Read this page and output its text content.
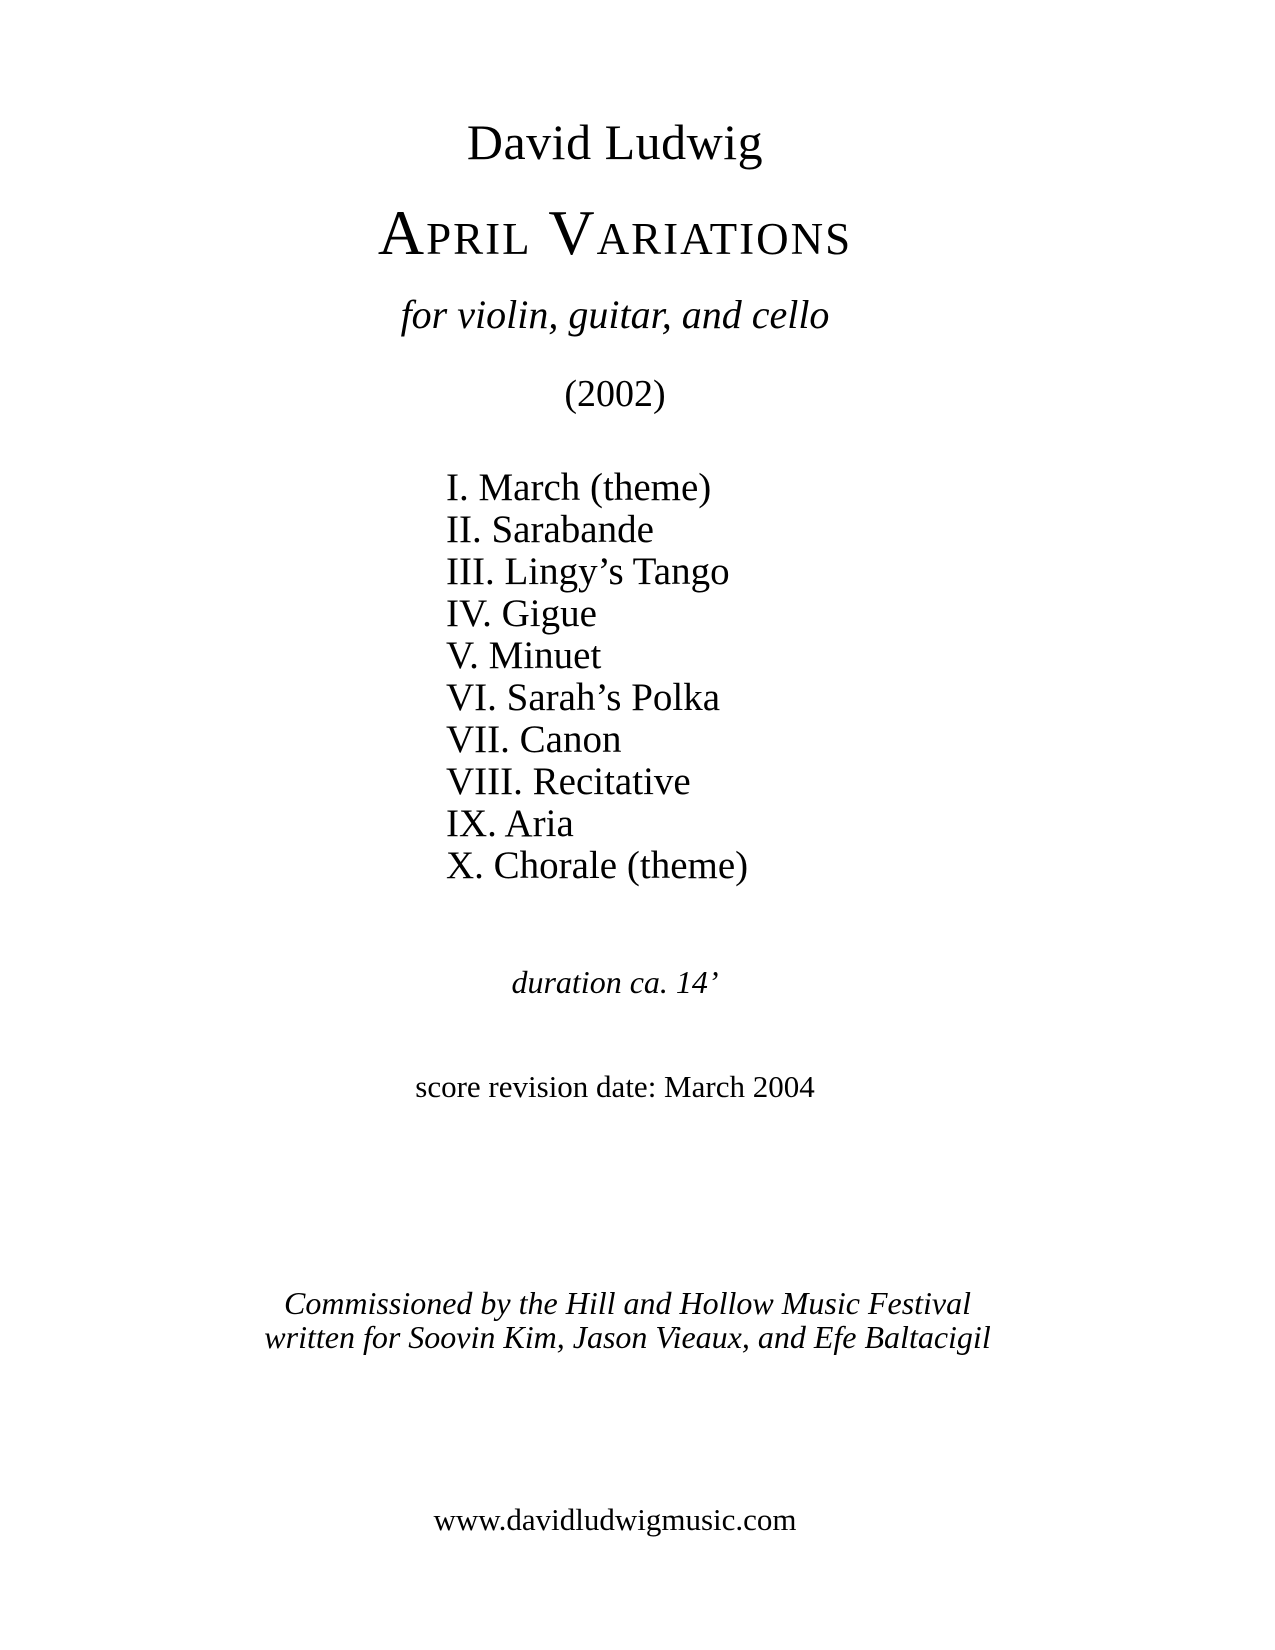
David Ludwig
April Variations
for violin, guitar, and cello
(2002)
I. March (theme)
II. Sarabande
III. Lingy’s Tango
IV. Gigue
V. Minuet
VI. Sarah’s Polka
VII. Canon
VIII. Recitative
IX. Aria
X. Chorale (theme)
duration ca. 14’
score revision date: March 2004
Commissioned by the Hill and Hollow Music Festival
written for Soovin Kim, Jason Vieaux, and Efe Baltacigil
www.davidludwigmusic.com
